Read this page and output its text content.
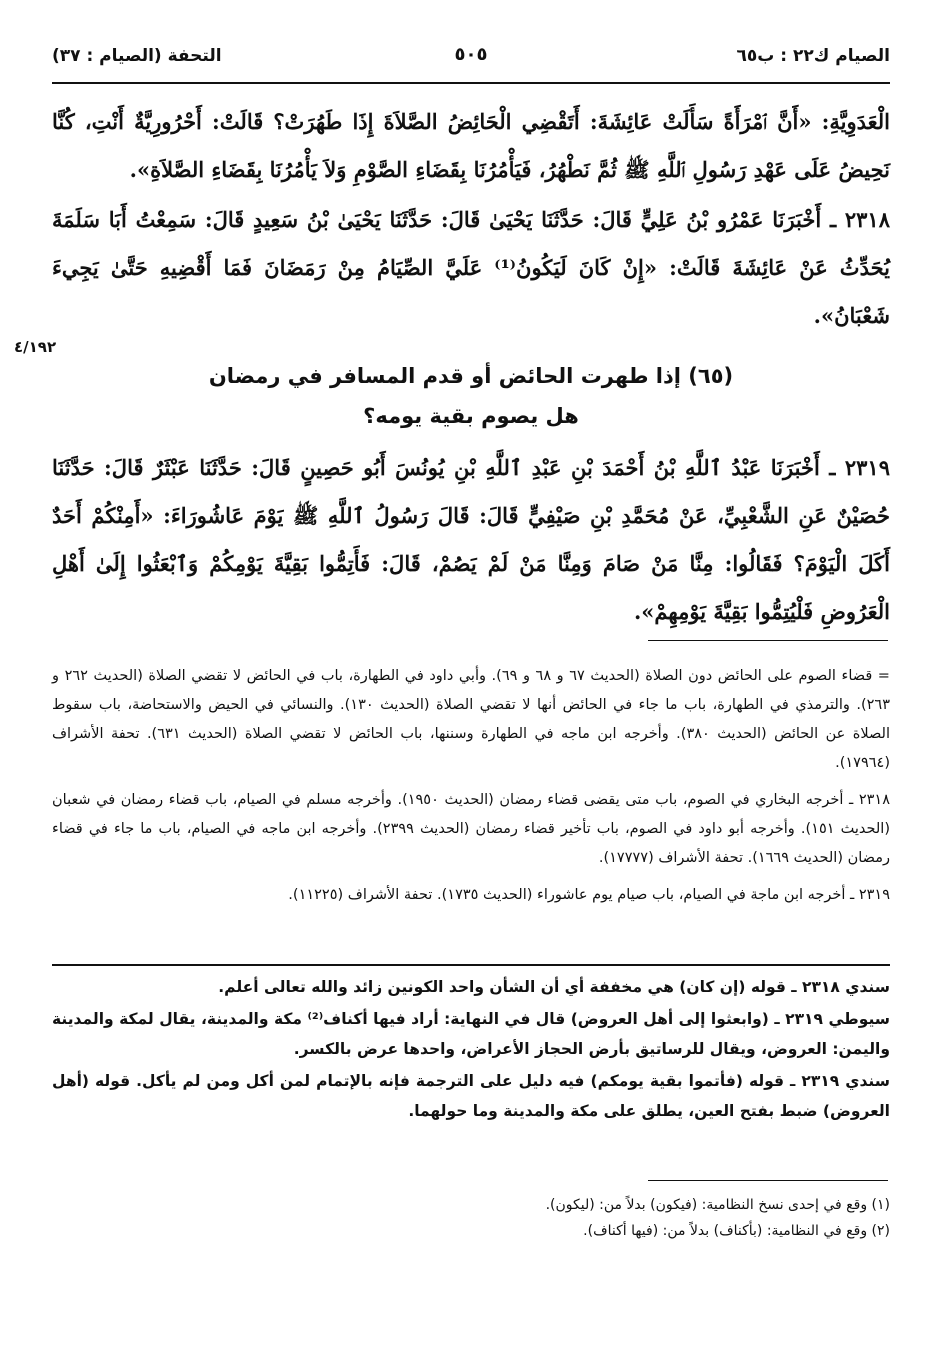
الصيام ك٢٢ : ب٦٥
٥٠٥
التحفة (الصيام : ٣٧)
٤/١٩٢

الْعَدَوِيَّةِ: «أَنَّ ٱمْرَأَةً سَأَلَتْ عَائِشَةَ: أَتَقْضِي الْحَائِضُ الصَّلاَةَ إِذَا طَهُرَتْ؟ قَالَتْ: أَحْرُورِيَّةٌ أَنْتِ، كُنَّا نَحِيضُ عَلَى عَهْدِ رَسُولِ ٱللَّهِ ﷺ ثُمَّ نَطْهُرُ، فَيَأْمُرُنَا بِقَضَاءِ الصَّوْمِ وَلاَ يَأْمُرُنَا بِقَضَاءِ الصَّلاَةِ».

٢٣١٨ ـ أَخْبَرَنَا عَمْرُو بْنُ عَلِيٍّ قَالَ: حَدَّثَنَا يَحْيَىٰ قَالَ: حَدَّثَنَا يَحْيَىٰ بْنُ سَعِيدٍ قَالَ: سَمِعْتُ أَبَا سَلَمَةَ يُحَدِّثُ عَنْ عَائِشَةَ قَالَتْ: «إِنْ كَانَ لَيَكُونُ⁽¹⁾ عَلَيَّ الصِّيَامُ مِنْ رَمَضَانَ فَمَا أَقْضِيهِ حَتَّىٰ يَجِيءَ شَعْبَانُ».

(٦٥) إذا طهرت الحائض أو قدم المسافر في رمضان
هل يصوم بقية يومه؟

٢٣١٩ ـ أَخْبَرَنَا عَبْدُ ٱللَّهِ بْنُ أَحْمَدَ بْنِ عَبْدِ ٱللَّهِ بْنِ يُونُسَ أَبُو حَصِينٍ قَالَ: حَدَّثَنَا عَبْثَرٌ قَالَ: حَدَّثَنَا حُصَيْنٌ عَنِ الشَّعْبِيِّ، عَنْ مُحَمَّدِ بْنِ صَيْفِيٍّ قَالَ: قَالَ رَسُولُ ٱللَّهِ ﷺ يَوْمَ عَاشُورَاءَ: «أَمِنْكُمْ أَحَدٌ أَكَلَ الْيَوْمَ؟ فَقَالُوا: مِنَّا مَنْ صَامَ وَمِنَّا مَنْ لَمْ يَصُمْ، قَالَ: فَأَتِمُّوا بَقِيَّةَ يَوْمِكُمْ وَٱبْعَثُوا إِلَىٰ أَهْلِ الْعَرُوضِ فَلْيُتِمُّوا بَقِيَّةَ يَوْمِهِمْ».

= قضاء الصوم على الحائض دون الصلاة (الحديث ٦٧ و ٦٨ و ٦٩). وأبي داود في الطهارة، باب في الحائض لا تقضي الصلاة (الحديث ٢٦٢ و ٢٦٣). والترمذي في الطهارة، باب ما جاء في الحائض أنها لا تقضي الصلاة (الحديث ١٣٠). والنسائي في الحيض والاستحاضة، باب سقوط الصلاة عن الحائض (الحديث ٣٨٠). وأخرجه ابن ماجه في الطهارة وسننها، باب الحائض لا تقضي الصلاة (الحديث ٦٣١). تحفة الأشراف (١٧٩٦٤).

٢٣١٨ ـ أخرجه البخاري في الصوم، باب متى يقضى قضاء رمضان (الحديث ١٩٥٠). وأخرجه مسلم في الصيام، باب قضاء رمضان في شعبان (الحديث ١٥١). وأخرجه أبو داود في الصوم، باب تأخير قضاء رمضان (الحديث ٢٣٩٩). وأخرجه ابن ماجه في الصيام، باب ما جاء في قضاء رمضان (الحديث ١٦٦٩). تحفة الأشراف (١٧٧٧٧).

٢٣١٩ ـ أخرجه ابن ماجة في الصيام، باب صيام يوم عاشوراء (الحديث ١٧٣٥). تحفة الأشراف (١١٢٢٥).

سندي ٢٣١٨ ـ قوله (إن كان) هي مخففة أي أن الشأن واحد الكونين زائد والله تعالى أعلم.

سيوطي ٢٣١٩ ـ (وابعثوا إلى أهل العروض) قال في النهاية: أراد فيها أكناف⁽²⁾ مكة والمدينة، يقال لمكة والمدينة واليمن: العروض، ويقال للرساتيق بأرض الحجاز الأعراض، واحدها عرض بالكسر.

سندي ٢٣١٩ ـ قوله (فأتموا بقية يومكم) فيه دليل على الترجمة فإنه بالإتمام لمن أكل ومن لم يأكل. قوله (أهل العروض) ضبط بفتح العين، يطلق على مكة والمدينة وما حولهما.

(١) وقع في إحدى نسخ النظامية: (فيكون) بدلاً من: (ليكون).

(٢) وقع في النظامية: (بأكناف) بدلاً من: (فيها أكناف).
